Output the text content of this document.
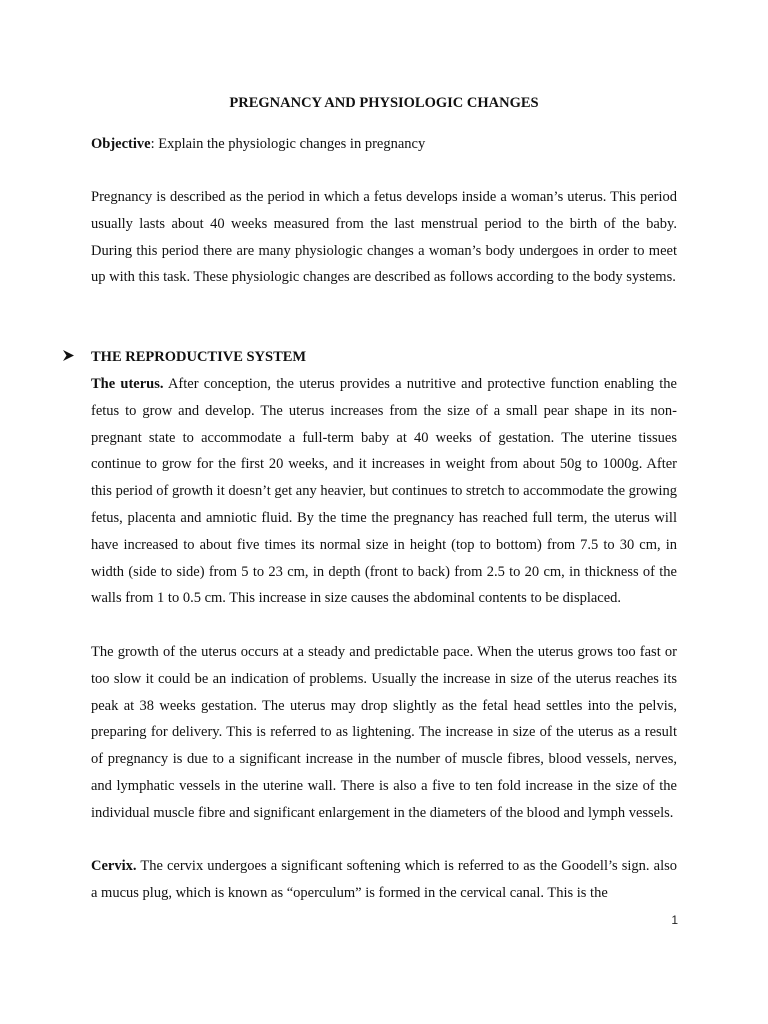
PREGNANCY AND PHYSIOLOGIC CHANGES

Objective: Explain the physiologic changes in pregnancy

Pregnancy is described as the period in which a fetus develops inside a woman’s uterus. This period usually lasts about 40 weeks measured from the last menstrual period to the birth of the baby. During this period there are many physiologic changes a woman’s body undergoes in order to meet up with this task. These physiologic changes are described as follows according to the body systems.

THE REPRODUCTIVE SYSTEM

The uterus. After conception, the uterus provides a nutritive and protective function enabling the fetus to grow and develop. The uterus increases from the size of a small pear shape in its non-pregnant state to accommodate a full-term baby at 40 weeks of gestation. The uterine tissues continue to grow for the first 20 weeks, and it increases in weight from about 50g to 1000g. After this period of growth it doesn’t get any heavier, but continues to stretch to accommodate the growing fetus, placenta and amniotic fluid. By the time the pregnancy has reached full term, the uterus will have increased to about five times its normal size in height (top to bottom) from 7.5 to 30 cm, in width (side to side) from 5 to 23 cm, in depth (front to back) from 2.5 to 20 cm, in thickness of the walls from 1 to 0.5 cm. This increase in size causes the abdominal contents to be displaced.

The growth of the uterus occurs at a steady and predictable pace. When the uterus grows too fast or too slow it could be an indication of problems. Usually the increase in size of the uterus reaches its peak at 38 weeks gestation. The uterus may drop slightly as the fetal head settles into the pelvis, preparing for delivery. This is referred to as lightening. The increase in size of the uterus as a result of pregnancy is due to a significant increase in the number of muscle fibres, blood vessels, nerves, and lymphatic vessels in the uterine wall. There is also a five to ten fold increase in the size of the individual muscle fibre and significant enlargement in the diameters of the blood and lymph vessels.

Cervix. The cervix undergoes a significant softening which is referred to as the Goodell’s sign. also a mucus plug, which is known as “operculum” is formed in the cervical canal. This is the

1
